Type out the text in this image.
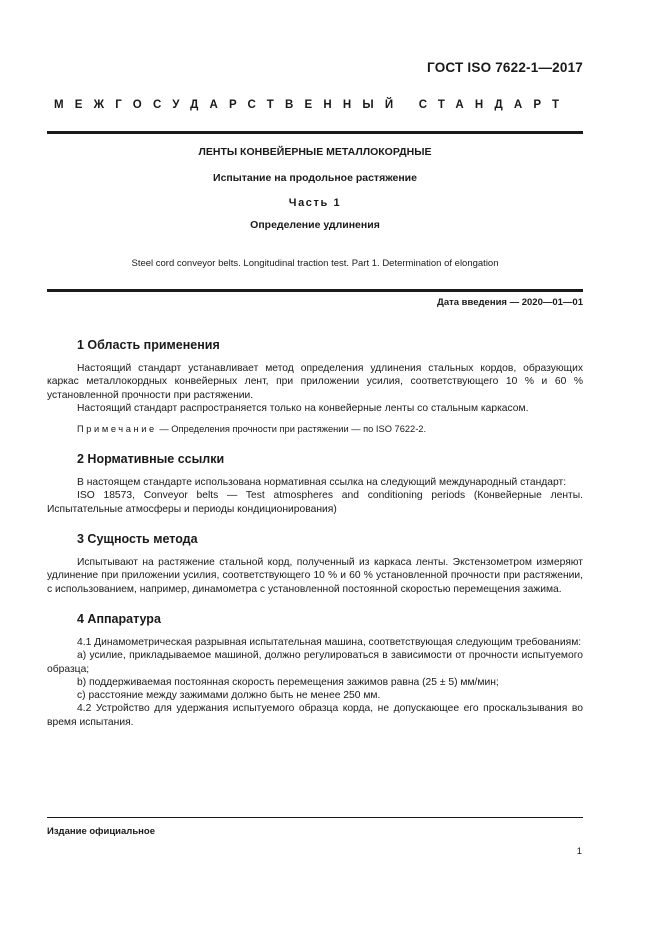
ГОСТ ISO 7622-1—2017
МЕЖГОСУДАРСТВЕННЫЙ СТАНДАРТ
ЛЕНТЫ КОНВЕЙЕРНЫЕ МЕТАЛЛОКОРДНЫЕ
Испытание на продольное растяжение
Часть 1
Определение удлинения
Steel cord conveyor belts. Longitudinal traction test. Part 1. Determination of elongation
Дата введения — 2020—01—01
1 Область применения

Настоящий стандарт устанавливает метод определения удлинения стальных кордов, образующих каркас металлокордных конвейерных лент, при приложении усилия, соответствующего 10 % и 60 % установленной прочности при растяжении.

Настоящий стандарт распространяется только на конвейерные ленты со стальным каркасом.

Примечание — Определения прочности при растяжении — по ISO 7622-2.
2 Нормативные ссылки

В настоящем стандарте использована нормативная ссылка на следующий международный стандарт:

ISO 18573, Conveyor belts — Test atmospheres and conditioning periods (Конвейерные ленты. Испытательные атмосферы и периоды кондиционирования)

3 Сущность метода

Испытывают на растяжение стальной корд, полученный из каркаса ленты. Экстензометром измеряют удлинение при приложении усилия, соответствующего 10 % и 60 % установленной прочности при растяжении, с использованием, например, динамометра с установленной постоянной скоростью перемещения зажима.

4 Аппаратура

4.1 Динамометрическая разрывная испытательная машина, соответствующая следующим требованиям:

a) усилие, прикладываемое машиной, должно регулироваться в зависимости от прочности испытуемого образца;

b) поддерживаемая постоянная скорость перемещения зажимов равна (25 ± 5) мм/мин;

c) расстояние между зажимами должно быть не менее 250 мм.

4.2 Устройство для удержания испытуемого образца корда, не допускающее его проскальзывания во время испытания.

Издание официальное
1
